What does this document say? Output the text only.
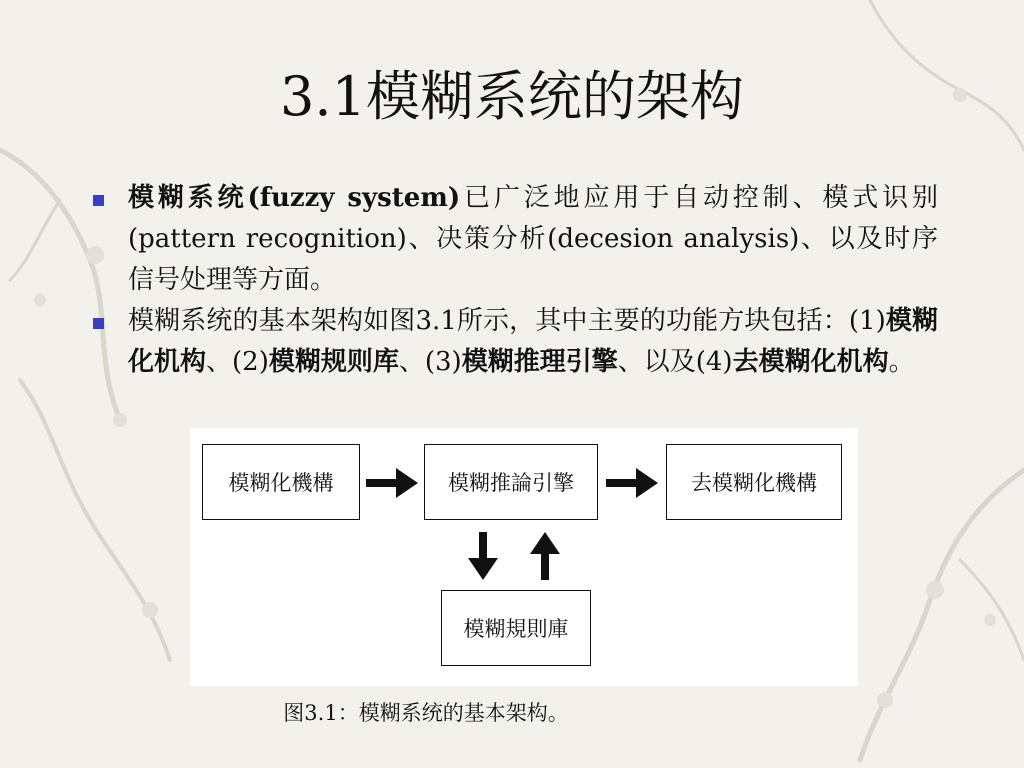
3.1模糊系统的架构
模糊系统(fuzzy system)已广泛地应用于自动控制、模式识别(pattern recognition)、决策分析(decesion analysis)、以及时序信号处理等方面。
模糊系统的基本架构如图3.1所示，其中主要的功能方块包括：(1)模糊化机构、(2)模糊规则库、(3)模糊推理引擎、以及(4)去模糊化机构。
模糊化機構	模糊推論引擎	去模糊化機構
模糊規則庫
图3.1：模糊系统的基本架构。
